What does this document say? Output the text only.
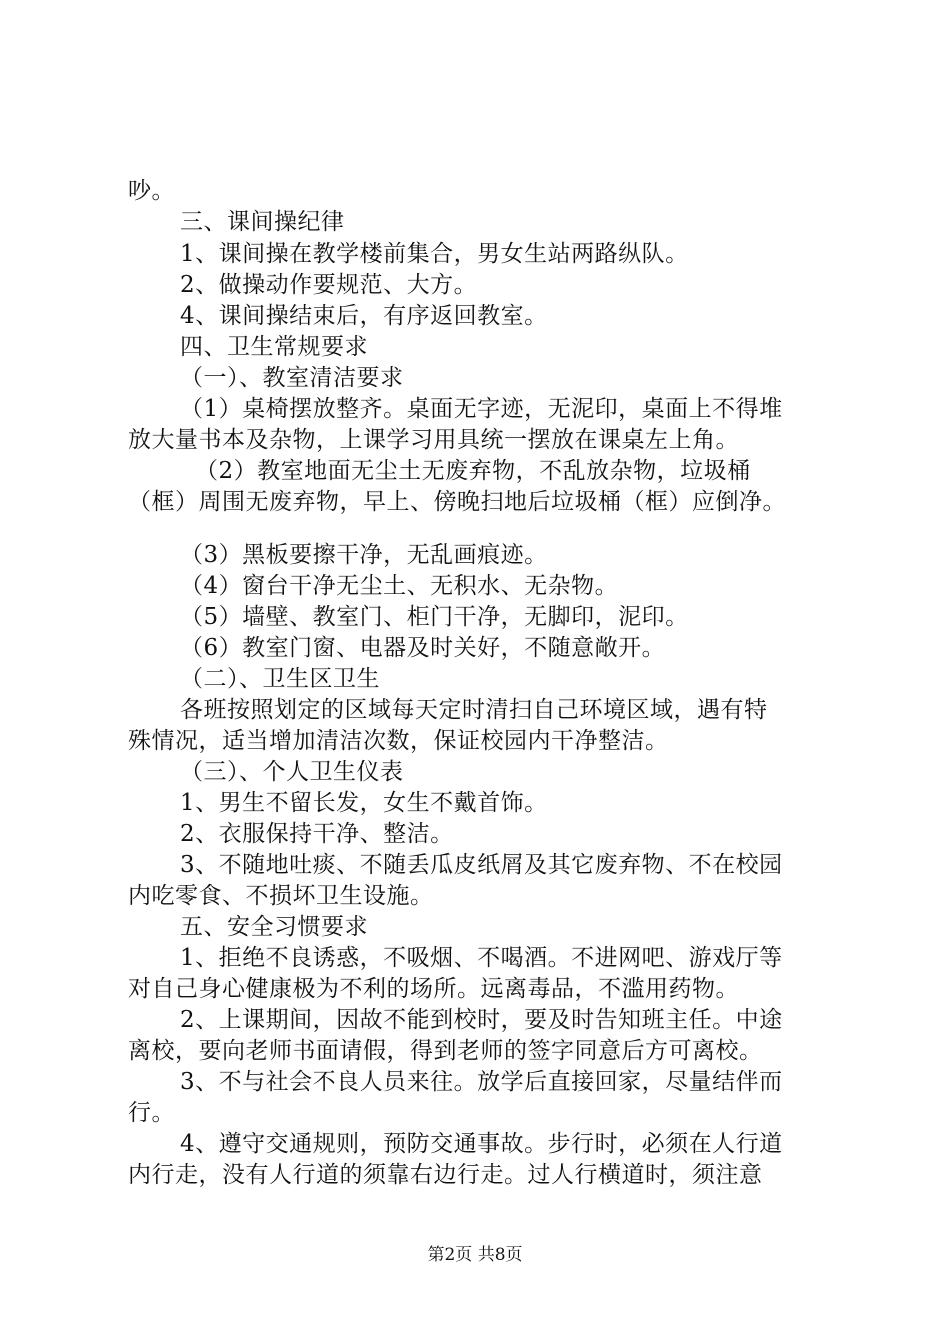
吵。
三、课间操纪律
1、课间操在教学楼前集合，男女生站两路纵队。
2、做操动作要规范、大方。
4、课间操结束后，有序返回教室。
四、卫生常规要求
（一）、教室清洁要求
（1）桌椅摆放整齐。桌面无字迹，无泥印，桌面上不得堆
放大量书本及杂物，上课学习用具统一摆放在课桌左上角。
（2）教室地面无尘土无废弃物，不乱放杂物，垃圾桶
（框）周围无废弃物，早上、傍晚扫地后垃圾桶（框）应倒净。
（3）黑板要擦干净，无乱画痕迹。
（4）窗台干净无尘土、无积水、无杂物。
（5）墙壁、教室门、柜门干净，无脚印，泥印。
（6）教室门窗、电器及时关好，不随意敞开。
（二）、卫生区卫生
各班按照划定的区域每天定时清扫自己环境区域，遇有特
殊情况，适当增加清洁次数，保证校园内干净整洁。
（三）、个人卫生仪表
1、男生不留长发，女生不戴首饰。
2、衣服保持干净、整洁。
3、不随地吐痰、不随丢瓜皮纸屑及其它废弃物、不在校园
内吃零食、不损坏卫生设施。
五、安全习惯要求
1、拒绝不良诱惑，不吸烟、不喝酒。不进网吧、游戏厅等
对自己身心健康极为不利的场所。远离毒品，不滥用药物。
2、上课期间，因故不能到校时，要及时告知班主任。中途
离校，要向老师书面请假，得到老师的签字同意后方可离校。
3、不与社会不良人员来往。放学后直接回家，尽量结伴而
行。
4、遵守交通规则，预防交通事故。步行时，必须在人行道
内行走，没有人行道的须靠右边行走。过人行横道时，须注意
第2页 共8页
